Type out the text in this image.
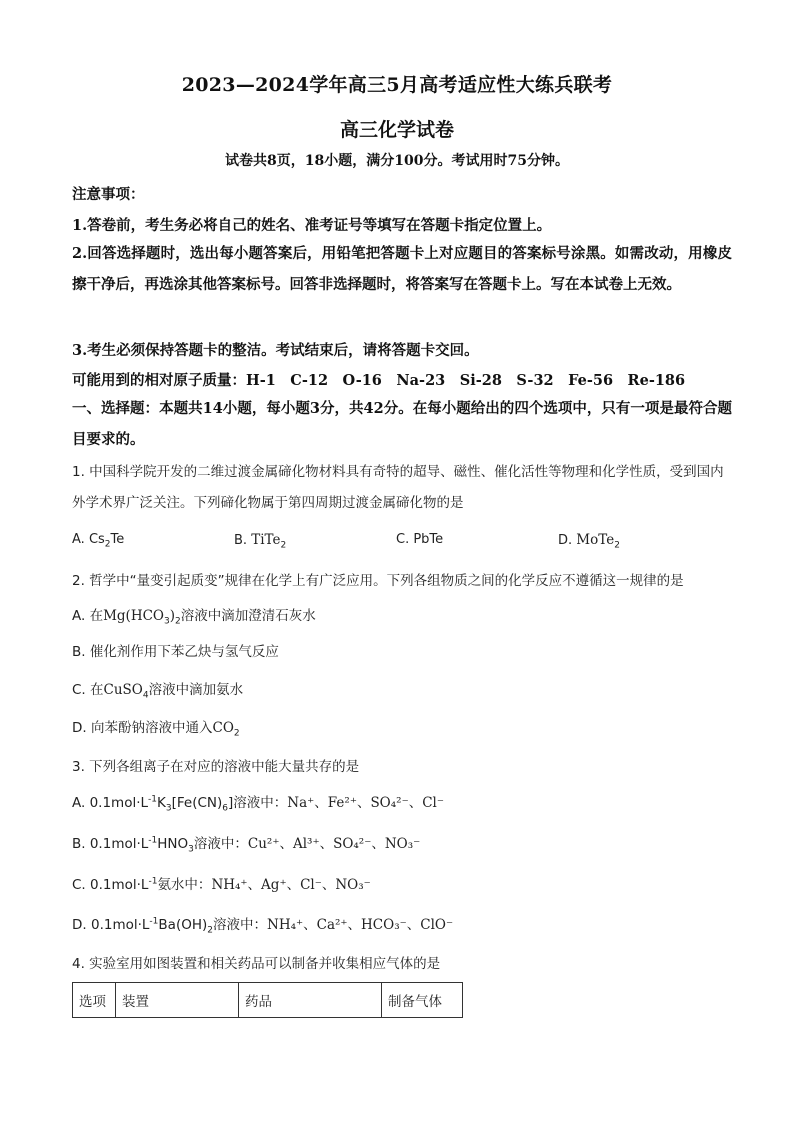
2023—2024学年高三5月高考适应性大练兵联考
高三化学试卷
试卷共8页，18小题，满分100分。考试用时75分钟。
注意事项：
1.答卷前，考生务必将自己的姓名、准考证号等填写在答题卡指定位置上。
2.回答选择题时，选出每小题答案后，用铅笔把答题卡上对应题目的答案标号涂黑。如需改动，用橡皮擦干净后，再选涂其他答案标号。回答非选择题时，将答案写在答题卡上。写在本试卷上无效。
3.考生必须保持答题卡的整洁。考试结束后，请将答题卡交回。
可能用到的相对原子质量：H-1　C-12　O-16　Na-23　Si-28　S-32　Fe-56　Re-186
一、选择题：本题共14小题，每小题3分，共42分。在每小题给出的四个选项中，只有一项是最符合题目要求的。
1. 中国科学院开发的二维过渡金属碲化物材料具有奇特的超导、磁性、催化活性等物理和化学性质，受到国内外学术界广泛关注。下列碲化物属于第四周期过渡金属碲化物的是
A. $Cs_2Te$	B. TiTe$_2$	C. PbTe	D. MoTe$_2$
2. 哲学中“量变引起质变”规律在化学上有广泛应用。下列各组物质之间的化学反应不遵循这一规律的是
A. 在$Mg(HCO_3)_2$溶液中滴加澄清石灰水
B. 催化剂作用下苯乙炔与氢气反应
C. 在CuSO$_4$溶液中滴加氨水
D. 向苯酚钠溶液中通入$CO_2$
3. 下列各组离子在对应的溶液中能大量共存的是
A. $0.1mol\cdot L^{-1}K_3[Fe(CN)_6]$溶液中：Na⁺、Fe²⁺、SO₄²⁻、Cl⁻
B. $0.1mol\cdot L^{-1}HNO_3$溶液中：Cu²⁺、Al³⁺、SO₄²⁻、NO₃⁻
C. $0.1mol\cdot L^{-1}$氨水中：NH₄⁺、Ag⁺、Cl⁻、NO₃⁻
D. $0.1mol\cdot L^{-1}Ba(OH)_2$溶液中：NH₄⁺、Ca²⁺、HCO₃⁻、ClO⁻
4. 实验室用如图装置和相关药品可以制备并收集相应气体的是
选项	装置	药品	制备气体
